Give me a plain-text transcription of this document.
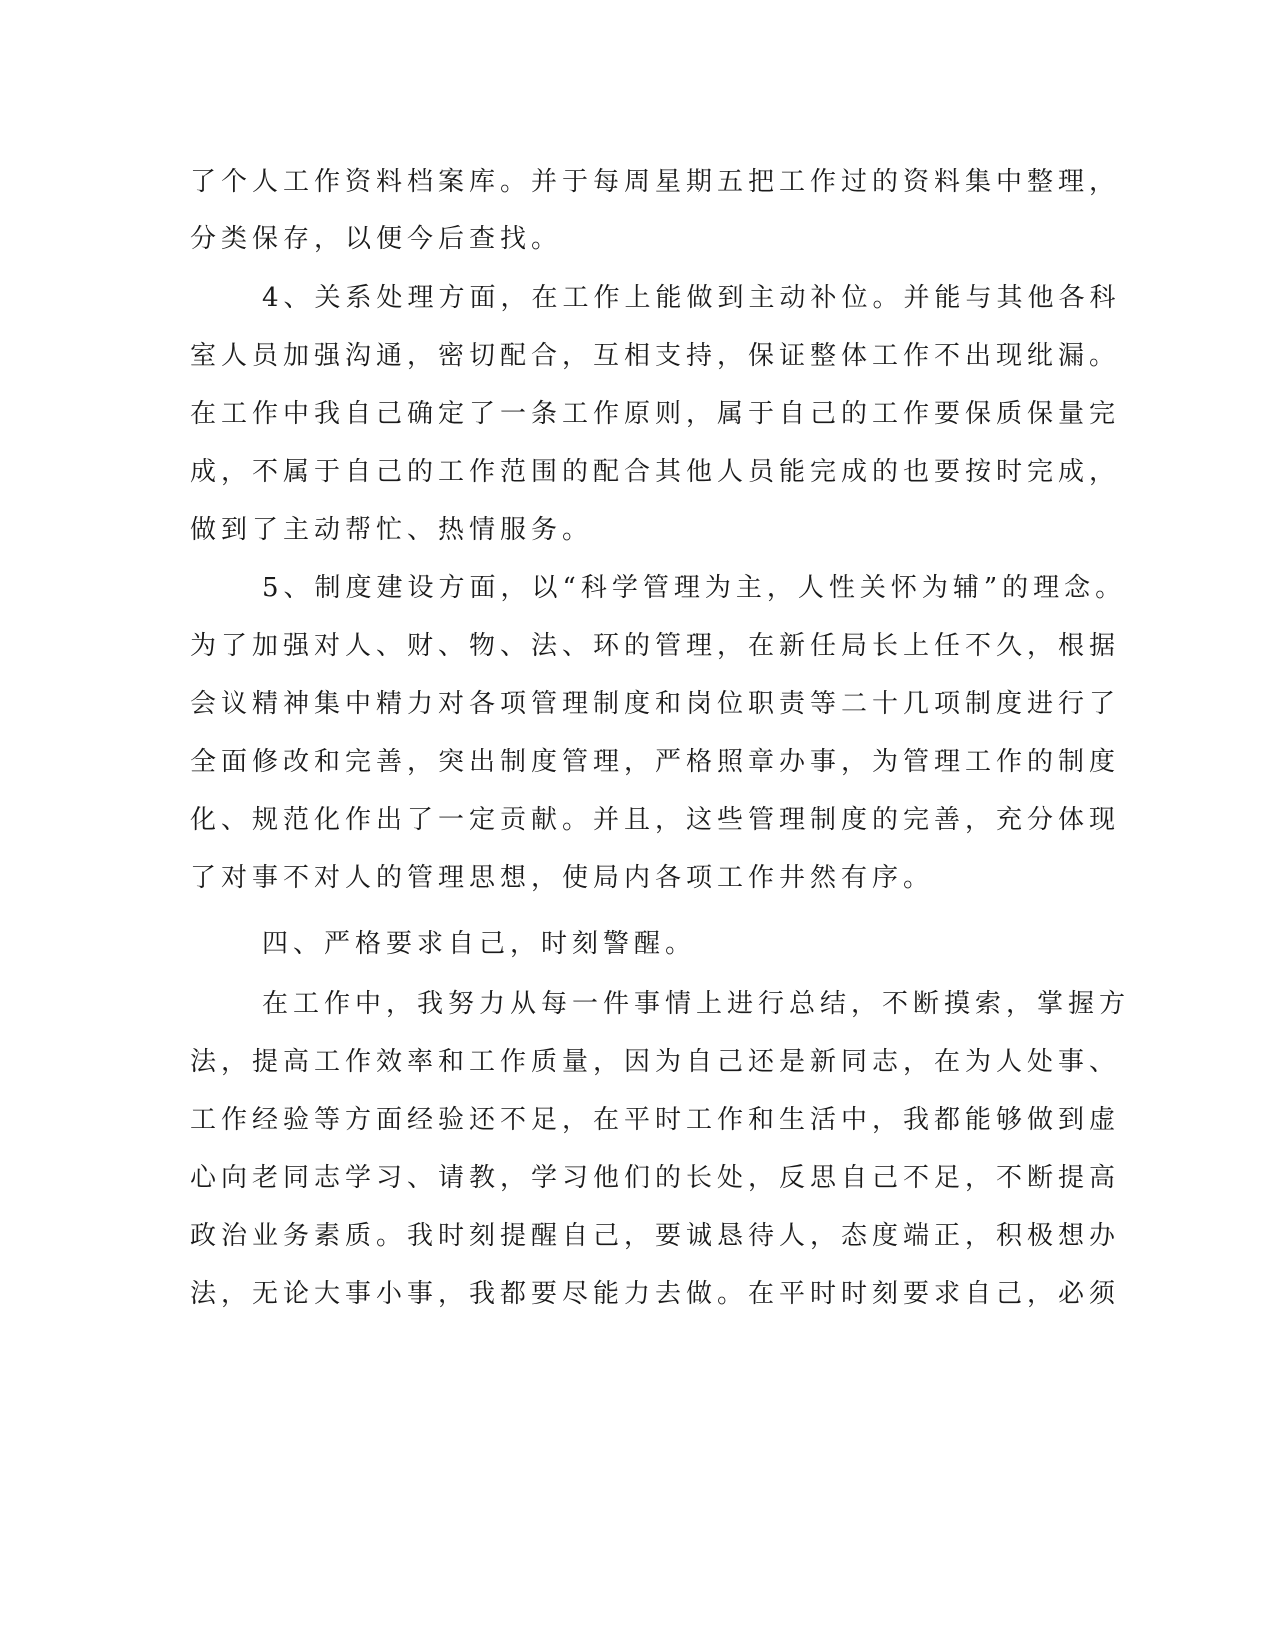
了个人工作资料档案库。并于每周星期五把工作过的资料集中整理，
分类保存，以便今后查找。
4、关系处理方面，在工作上能做到主动补位。并能与其他各科
室人员加强沟通，密切配合，互相支持，保证整体工作不出现纰漏。
在工作中我自己确定了一条工作原则，属于自己的工作要保质保量完
成，不属于自己的工作范围的配合其他人员能完成的也要按时完成，
做到了主动帮忙、热情服务。
5、制度建设方面，以“科学管理为主，人性关怀为辅”的理念。
为了加强对人、财、物、法、环的管理，在新任局长上任不久，根据
会议精神集中精力对各项管理制度和岗位职责等二十几项制度进行了
全面修改和完善，突出制度管理，严格照章办事，为管理工作的制度
化、规范化作出了一定贡献。并且，这些管理制度的完善，充分体现
了对事不对人的管理思想，使局内各项工作井然有序。
四、严格要求自己，时刻警醒。
在工作中，我努力从每一件事情上进行总结，不断摸索，掌握方
法，提高工作效率和工作质量，因为自己还是新同志，在为人处事、
工作经验等方面经验还不足，在平时工作和生活中，我都能够做到虚
心向老同志学习、请教，学习他们的长处，反思自己不足，不断提高
政治业务素质。我时刻提醒自己，要诚恳待人，态度端正，积极想办
法，无论大事小事，我都要尽能力去做。在平时时刻要求自己，必须
